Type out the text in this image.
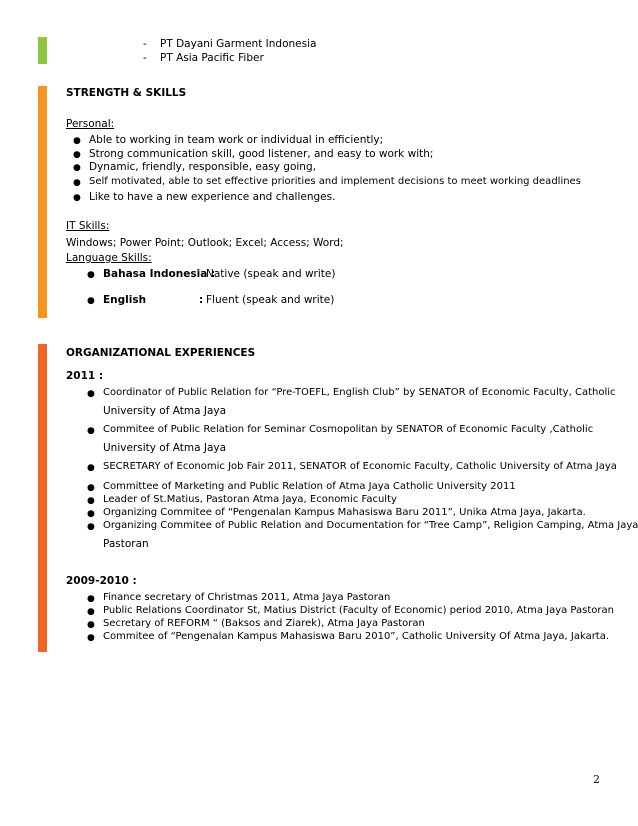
- PT Dayani Garment Indonesia
- PT Asia Pacific Fiber
STRENGTH & SKILLS
Personal:
● Able to working in team work or individual in efficiently;
● Strong communication skill, good listener, and easy to work with;
● Dynamic, friendly, responsible, easy going,
● Self motivated, able to set effective priorities and implement decisions to meet working deadlines
● Like to have a new experience and challenges.
IT Skills:
Windows; Power Point; Outlook; Excel; Access; Word;
Language Skills:
● Bahasa Indonesia :
Native (speak and write)
● English	: Fluent (speak and write)
ORGANIZATIONAL EXPERIENCES
2011 :
● Coordinator of Public Relation for “Pre-TOEFL, English Club” by SENATOR of Economic Faculty, Catholic
University of Atma Jaya
● Commitee of Public Relation for Seminar Cosmopolitan by SENATOR of Economic Faculty ,Catholic
University of Atma Jaya
● SECRETARY of Economic Job Fair 2011, SENATOR of Economic Faculty, Catholic University of Atma Jaya
● Committee of Marketing and Public Relation of Atma Jaya Catholic University 2011
● Leader of St.Matius, Pastoran Atma Jaya, Economic Faculty
● Organizing Commitee of “Pengenalan Kampus Mahasiswa Baru 2011”, Unika Atma Jaya, Jakarta.
● Organizing Commitee of Public Relation and Documentation for “Tree Camp”, Religion Camping, Atma Jaya
Pastoran
2009-2010 :
● Finance secretary of Christmas 2011, Atma Jaya Pastoran
● Public Relations Coordinator St, Matius District (Faculty of Economic) period 2010, Atma Jaya Pastoran
● Secretary of REFORM “ (Baksos and Ziarek), Atma Jaya Pastoran
● Commitee of “Pengenalan Kampus Mahasiswa Baru 2010”, Catholic University Of Atma Jaya, Jakarta.
2
